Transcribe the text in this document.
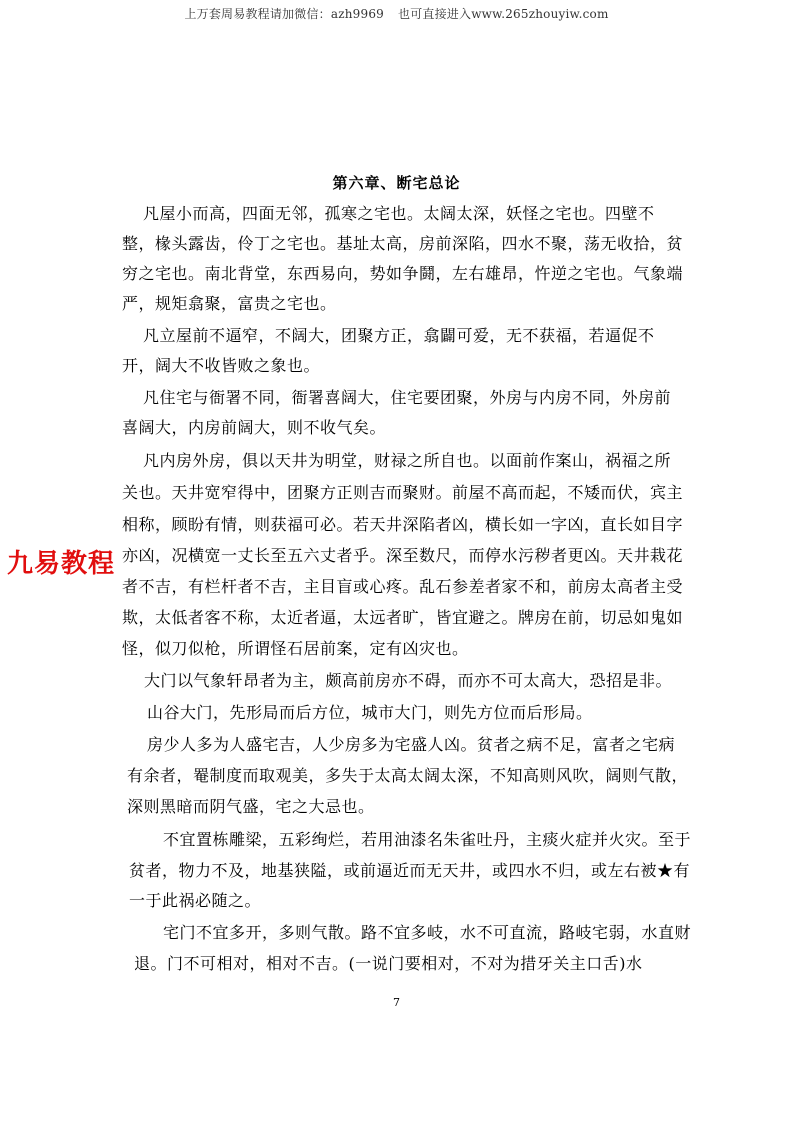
上万套周易教程请加微信：azh9969 也可直接进入www.265zhouyiw.com
第六章、断宅总论
凡屋小而高，四面无邻，孤寒之宅也。太阔太深，妖怪之宅也。四壁不
整，椽头露齿，伶丁之宅也。基址太高，房前深陷，四水不聚，荡无收拾，贫
穷之宅也。南北背堂，东西易向，势如争鬪，左右雄昂，忤逆之宅也。气象端
严，规矩翕聚，富贵之宅也。
凡立屋前不逼窄，不阔大，团聚方正，翕闢可爱，无不获福，若逼促不
开，阔大不收皆败之象也。
凡住宅与衙署不同，衙署喜阔大，住宅要团聚，外房与内房不同，外房前
喜阔大，内房前阔大，则不收气矣。
凡内房外房，俱以天井为明堂，财禄之所自也。以面前作案山，祸福之所
关也。天井宽窄得中，团聚方正则吉而聚财。前屋不高而起，不矮而伏，宾主
相称，顾盼有情，则获福可必。若天井深陷者凶，横长如一字凶，直长如目字
亦凶，况横宽一丈长至五六丈者乎。深至数尺，而停水污秽者更凶。天井栽花
者不吉，有栏杆者不吉，主目盲或心疼。乱石参差者家不和，前房太高者主受
欺，太低者客不称，太近者逼，太远者旷，皆宜避之。牌房在前，切忌如鬼如
怪，似刀似枪，所谓怪石居前案，定有凶灾也。
大门以气象轩昂者为主，颇高前房亦不碍，而亦不可太高大，恐招是非。
山谷大门，先形局而后方位，城市大门，则先方位而后形局。
房少人多为人盛宅吉，人少房多为宅盛人凶。贫者之病不足，富者之宅病
有余者，罨制度而取观美，多失于太高太阔太深，不知高则风吹，阔则气散，
深则黑暗而阴气盛，宅之大忌也。
不宜置栋雕梁，五彩绚烂，若用油漆名朱雀吐丹，主痰火症并火灾。至于
贫者，物力不及，地基狭隘，或前逼近而无天井，或四水不归，或左右被★有
一于此祸必随之。
宅门不宜多开，多则气散。路不宜多岐，水不可直流，路岐宅弱，水直财
退。门不可相对，相对不吉。(一说门要相对，不对为措牙关主口舌)水
九易教程
7
